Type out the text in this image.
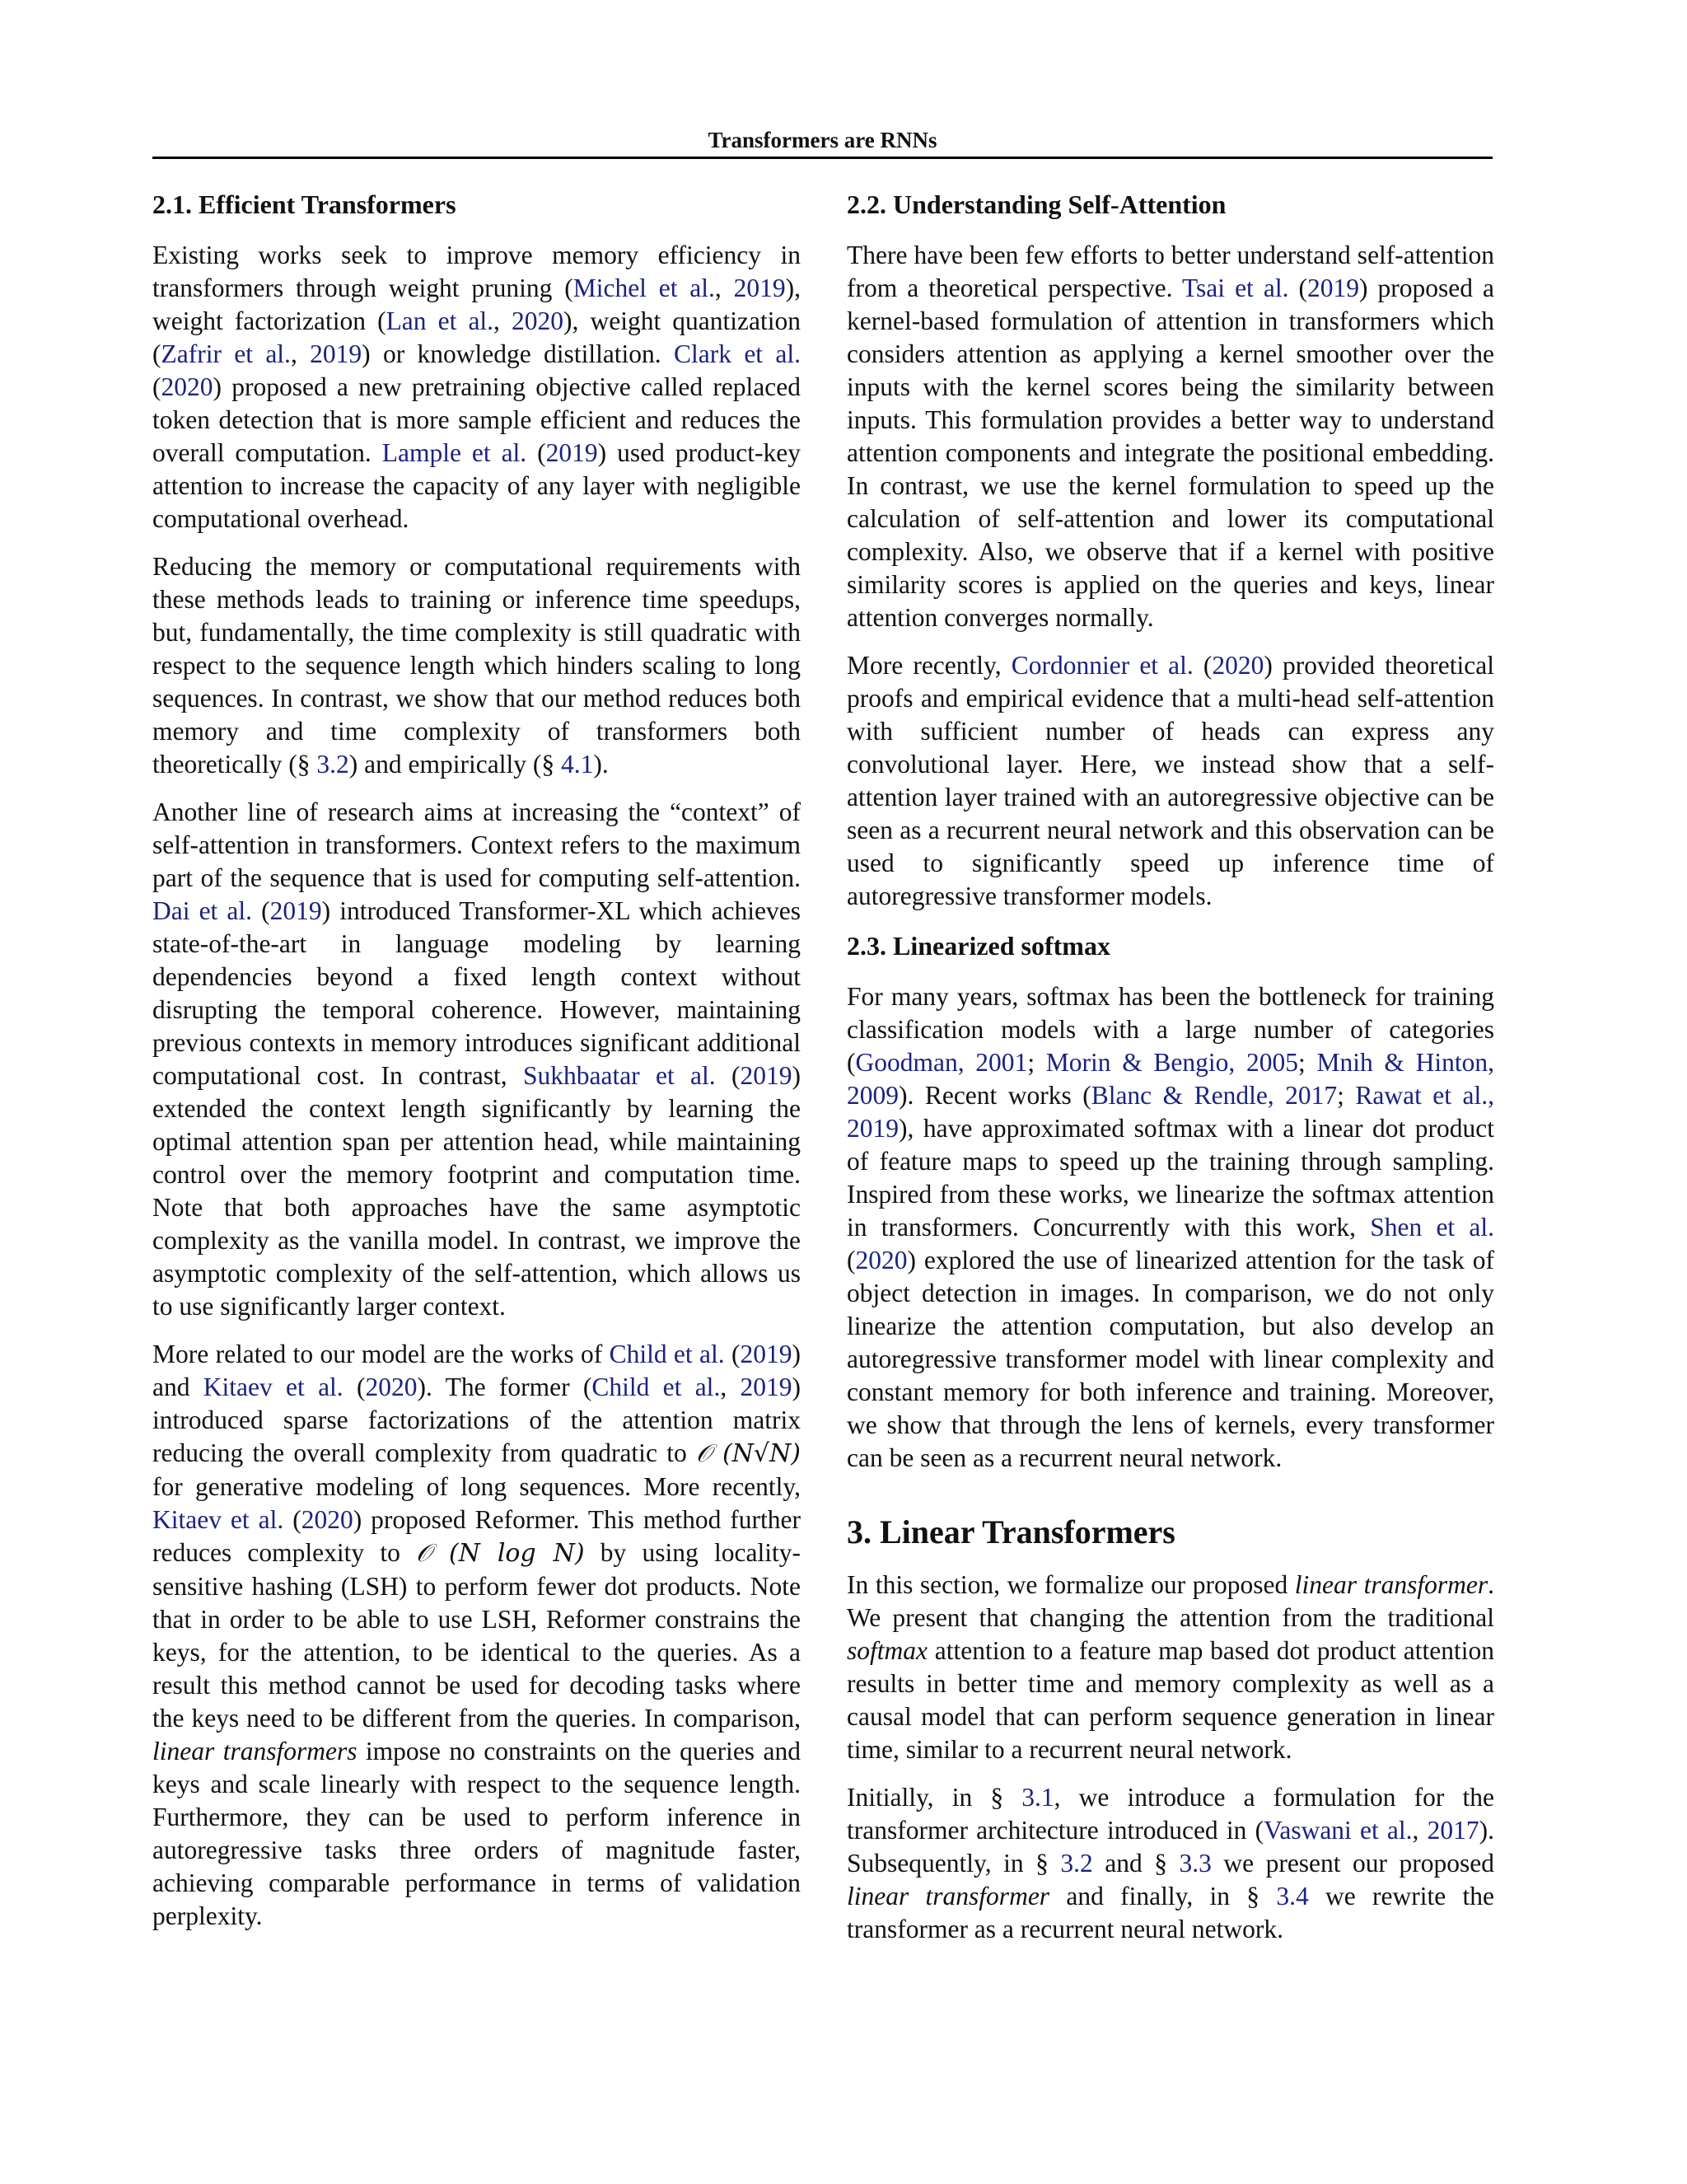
Transformers are RNNs
2.1. Efficient Transformers

Existing works seek to improve memory efficiency in transformers through weight pruning (Michel et al., 2019), weight factorization (Lan et al., 2020), weight quantization (Zafrir et al., 2019) or knowledge distillation. Clark et al. (2020) proposed a new pretraining objective called replaced token detection that is more sample efficient and reduces the overall computation. Lample et al. (2019) used product-key attention to increase the capacity of any layer with negligible computational overhead.

Reducing the memory or computational requirements with these methods leads to training or inference time speedups, but, fundamentally, the time complexity is still quadratic with respect to the sequence length which hinders scaling to long sequences. In contrast, we show that our method reduces both memory and time complexity of transformers both theoretically (§ 3.2) and empirically (§ 4.1).

Another line of research aims at increasing the “context” of self-attention in transformers. Context refers to the maximum part of the sequence that is used for computing self-attention. Dai et al. (2019) introduced Transformer-XL which achieves state-of-the-art in language modeling by learning dependencies beyond a fixed length context without disrupting the temporal coherence. However, maintaining previous contexts in memory introduces significant additional computational cost. In contrast, Sukhbaatar et al. (2019) extended the context length significantly by learning the optimal attention span per attention head, while maintaining control over the memory footprint and computation time. Note that both approaches have the same asymptotic complexity as the vanilla model. In contrast, we improve the asymptotic complexity of the self-attention, which allows us to use significantly larger context.

More related to our model are the works of Child et al. (2019) and Kitaev et al. (2020). The former (Child et al., 2019) introduced sparse factorizations of the attention matrix reducing the overall complexity from quadratic to 𝒪 (N√N) for generative modeling of long sequences. More recently, Kitaev et al. (2020) proposed Reformer. This method further reduces complexity to 𝒪 (N log N) by using locality-sensitive hashing (LSH) to perform fewer dot products. Note that in order to be able to use LSH, Reformer constrains the keys, for the attention, to be identical to the queries. As a result this method cannot be used for decoding tasks where the keys need to be different from the queries. In comparison, linear transformers impose no constraints on the queries and keys and scale linearly with respect to the sequence length. Furthermore, they can be used to perform inference in autoregressive tasks three orders of magnitude faster, achieving comparable performance in terms of validation perplexity.

2.2. Understanding Self-Attention

There have been few efforts to better understand self-attention from a theoretical perspective. Tsai et al. (2019) proposed a kernel-based formulation of attention in transformers which considers attention as applying a kernel smoother over the inputs with the kernel scores being the similarity between inputs. This formulation provides a better way to understand attention components and integrate the positional embedding. In contrast, we use the kernel formulation to speed up the calculation of self-attention and lower its computational complexity. Also, we observe that if a kernel with positive similarity scores is applied on the queries and keys, linear attention converges normally.

More recently, Cordonnier et al. (2020) provided theoretical proofs and empirical evidence that a multi-head self-attention with sufficient number of heads can express any convolutional layer. Here, we instead show that a self-attention layer trained with an autoregressive objective can be seen as a recurrent neural network and this observation can be used to significantly speed up inference time of autoregressive transformer models.

2.3. Linearized softmax

For many years, softmax has been the bottleneck for training classification models with a large number of categories (Goodman, 2001; Morin & Bengio, 2005; Mnih & Hinton, 2009). Recent works (Blanc & Rendle, 2017; Rawat et al., 2019), have approximated softmax with a linear dot product of feature maps to speed up the training through sampling. Inspired from these works, we linearize the softmax attention in transformers. Concurrently with this work, Shen et al. (2020) explored the use of linearized attention for the task of object detection in images. In comparison, we do not only linearize the attention computation, but also develop an autoregressive transformer model with linear complexity and constant memory for both inference and training. Moreover, we show that through the lens of kernels, every transformer can be seen as a recurrent neural network.

3. Linear Transformers

In this section, we formalize our proposed linear transformer. We present that changing the attention from the traditional softmax attention to a feature map based dot product attention results in better time and memory complexity as well as a causal model that can perform sequence generation in linear time, similar to a recurrent neural network.

Initially, in § 3.1, we introduce a formulation for the transformer architecture introduced in (Vaswani et al., 2017). Subsequently, in § 3.2 and § 3.3 we present our proposed linear transformer and finally, in § 3.4 we rewrite the transformer as a recurrent neural network.
